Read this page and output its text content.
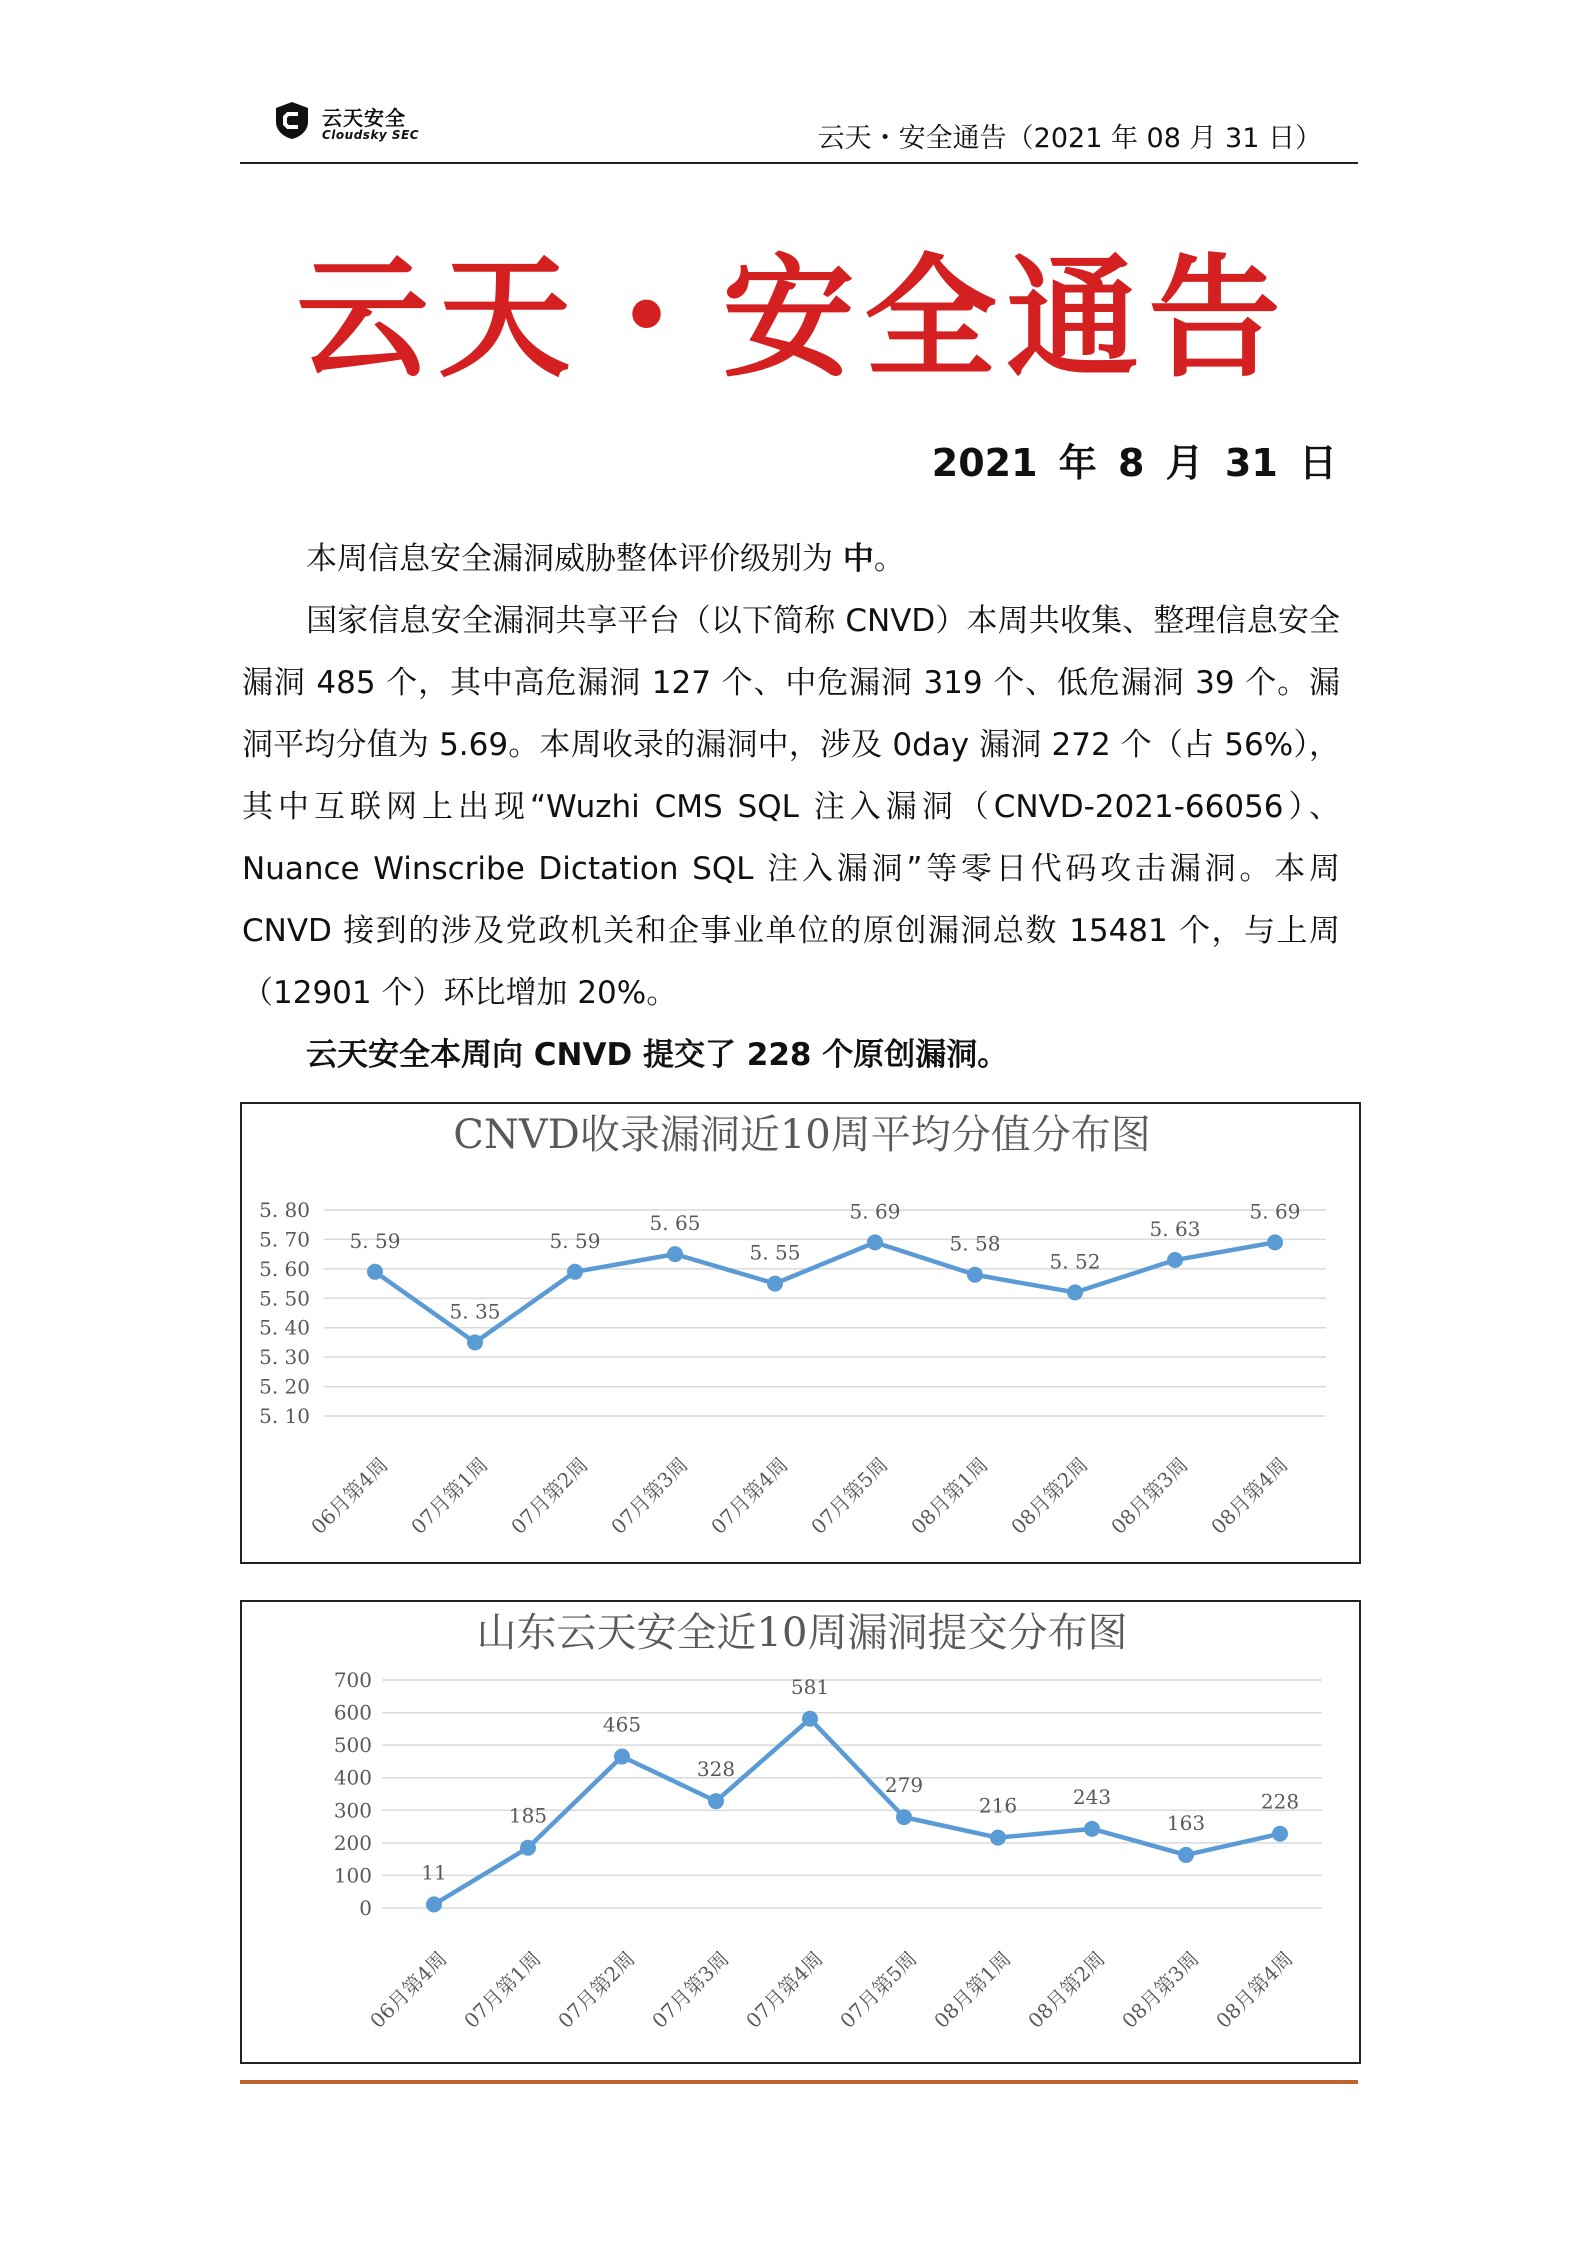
云天安全
Cloudsky SEC	云天・安全通告（2021 年 08 月 31 日）
云天・安全通告
2021 年 8 月 31 日
本周信息安全漏洞威胁整体评价级别为 中。
国家信息安全漏洞共享平台（以下简称 CNVD）本周共收集、整理信息安全漏洞 485 个，其中高危漏洞 127 个、中危漏洞 319 个、低危漏洞 39 个。漏洞平均分值为 5.69。本周收录的漏洞中，涉及 0day 漏洞 272 个（占 56%），其中互联网上出现“Wuzhi CMS SQL 注入漏洞（CNVD-2021-66056）、Nuance Winscribe Dictation SQL 注入漏洞”等零日代码攻击漏洞。本周 CNVD 接到的涉及党政机关和企事业单位的原创漏洞总数 15481 个，与上周（12901 个）环比增加 20%。
云天安全本周向 CNVD 提交了 228 个原创漏洞。
CNVD收录漏洞近10周平均分值分布图
5. 80
5. 70
5. 60
5. 50
5. 40
5. 30
5. 20
5. 10
5. 59
5. 35
5. 59
5. 65
5. 55
5. 69
5. 58
5. 52
5. 63
5. 69
06月第4周 07月第1周 07月第2周 07月第3周 07月第4周 07月第5周 08月第1周 08月第2周 08月第3周 08月第4周
山东云天安全近10周漏洞提交分布图
700
600
500
400
300
200
100
0
11
185
465
328
581
279
216	243
163
228
06月第4周 07月第1周 07月第2周 07月第3周 07月第4周 07月第5周 08月第1周 08月第2周 08月第3周 08月第4周
